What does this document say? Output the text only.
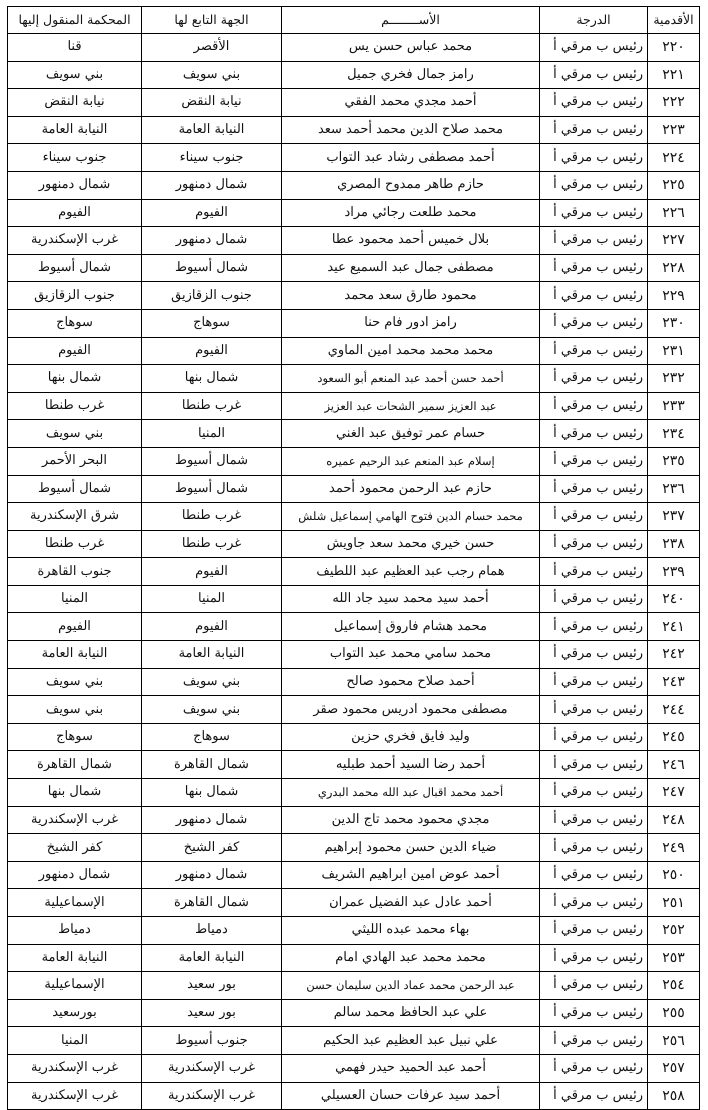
الأقدمية	الدرجة	الأســــــــم	الجهة التابع لها	المحكمة المنقول إليها
٢٢٠	رئيس ب مرقي أ	محمد عباس حسن يس	الأقصر	قنا
٢٢١	رئيس ب مرقي أ	رامز جمال فخري جميل	بني سويف	بني سويف
٢٢٢	رئيس ب مرقي أ	أحمد مجدي محمد الفقي	نيابة النقض	نيابة النقض
٢٢٣	رئيس ب مرقي أ	محمد صلاح الدين محمد أحمد سعد	النيابة العامة	النيابة العامة
٢٢٤	رئيس ب مرقي أ	أحمد مصطفى رشاد عبد التواب	جنوب سيناء	جنوب سيناء
٢٢٥	رئيس ب مرقي أ	حازم طاهر ممدوح المصري	شمال دمنهور	شمال دمنهور
٢٢٦	رئيس ب مرقي أ	محمد طلعت رجائي مراد	الفيوم	الفيوم
٢٢٧	رئيس ب مرقي أ	بلال خميس أحمد محمود عطا	شمال دمنهور	غرب الإسكندرية
٢٢٨	رئيس ب مرقي أ	مصطفى جمال عبد السميع عيد	شمال أسيوط	شمال أسيوط
٢٢٩	رئيس ب مرقي أ	محمود طارق سعد محمد	جنوب الزقازيق	جنوب الزقازيق
٢٣٠	رئيس ب مرقي أ	رامز ادور فام حنا	سوهاج	سوهاج
٢٣١	رئيس ب مرقي أ	محمد محمد محمد امين الماوي	الفيوم	الفيوم
٢٣٢	رئيس ب مرقي أ	أحمد حسن أحمد عبد المنعم أبو السعود	شمال بنها	شمال بنها
٢٣٣	رئيس ب مرقي أ	عبد العزيز سمير الشحات عبد العزيز	غرب طنطا	غرب طنطا
٢٣٤	رئيس ب مرقي أ	حسام عمر توفيق عبد الغني	المنيا	بني سويف
٢٣٥	رئيس ب مرقي أ	إسلام عبد المنعم عبد الرحيم عميره	شمال أسيوط	البحر الأحمر
٢٣٦	رئيس ب مرقي أ	حازم عبد الرحمن محمود أحمد	شمال أسيوط	شمال أسيوط
٢٣٧	رئيس ب مرقي أ	محمد حسام الدين فتوح الهامي إسماعيل شلش	غرب طنطا	شرق الإسكندرية
٢٣٨	رئيس ب مرقي أ	حسن خيري محمد سعد جاويش	غرب طنطا	غرب طنطا
٢٣٩	رئيس ب مرقي أ	همام رجب عبد العظيم عبد اللطيف	الفيوم	جنوب القاهرة
٢٤٠	رئيس ب مرقي أ	أحمد سيد محمد سيد جاد الله	المنيا	المنيا
٢٤١	رئيس ب مرقي أ	محمد هشام فاروق إسماعيل	الفيوم	الفيوم
٢٤٢	رئيس ب مرقي أ	محمد سامي محمد عبد التواب	النيابة العامة	النيابة العامة
٢٤٣	رئيس ب مرقي أ	أحمد صلاح محمود صالح	بني سويف	بني سويف
٢٤٤	رئيس ب مرقي أ	مصطفى محمود ادريس محمود صقر	بني سويف	بني سويف
٢٤٥	رئيس ب مرقي أ	وليد فايق فخري حزين	سوهاج	سوهاج
٢٤٦	رئيس ب مرقي أ	أحمد رضا السيد أحمد طبليه	شمال القاهرة	شمال القاهرة
٢٤٧	رئيس ب مرقي أ	أحمد محمد اقبال عبد الله محمد البدري	شمال بنها	شمال بنها
٢٤٨	رئيس ب مرقي أ	مجدي محمود محمد تاج الدين	شمال دمنهور	غرب الإسكندرية
٢٤٩	رئيس ب مرقي أ	ضياء الدين حسن محمود إبراهيم	كفر الشيخ	كفر الشيخ
٢٥٠	رئيس ب مرقي أ	أحمد عوض امين ابراهيم الشريف	شمال دمنهور	شمال دمنهور
٢٥١	رئيس ب مرقي أ	أحمد عادل عبد الفضيل عمران	شمال القاهرة	الإسماعيلية
٢٥٢	رئيس ب مرقي أ	بهاء محمد عبده الليثي	دمياط	دمياط
٢٥٣	رئيس ب مرقي أ	محمد محمد عبد الهادي امام	النيابة العامة	النيابة العامة
٢٥٤	رئيس ب مرقي أ	عبد الرحمن محمد عماد الدين سليمان حسن	بور سعيد	الإسماعيلية
٢٥٥	رئيس ب مرقي أ	علي عبد الحافظ محمد سالم	بور سعيد	بورسعيد
٢٥٦	رئيس ب مرقي أ	علي نبيل عبد العظيم عبد الحكيم	جنوب أسيوط	المنيا
٢٥٧	رئيس ب مرقي أ	أحمد عبد الحميد حيدر فهمي	غرب الإسكندرية	غرب الإسكندرية
٢٥٨	رئيس ب مرقي أ	أحمد سيد عرفات حسان العسيلي	غرب الإسكندرية	غرب الإسكندرية
